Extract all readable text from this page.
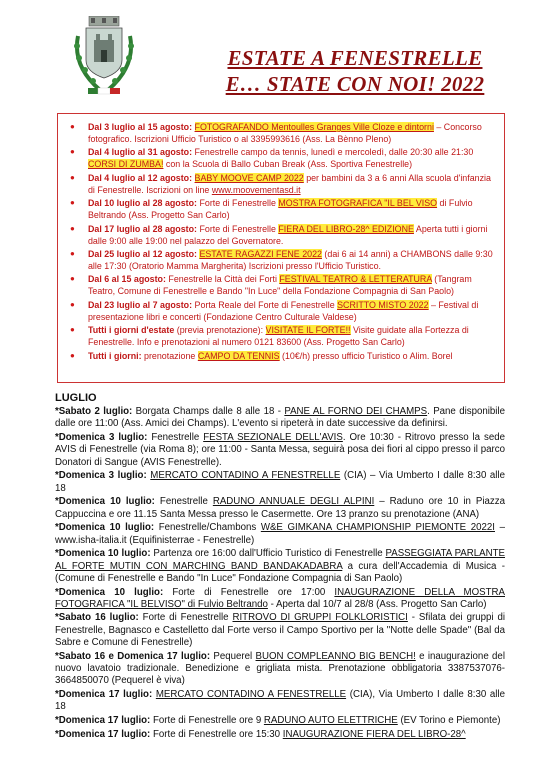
ESTATE A FENESTRELLE
E… STATE CON NOI! 2022
● Dal 3 luglio al 15 agosto: FOTOGRAFANDO Mentoulles Granges Ville Cloze e dintorni – Concorso fotografico. Iscrizioni Ufficio Turistico o al 3395993616 (Ass. La Bènno Pleno)
● Dal 4 luglio al 31 agosto: Fenestrelle campo da tennis, lunedì e mercoledì, dalle 20:30 alle 21:30 CORSI DI ZUMBA! con la Scuola di Ballo Cuban Break (Ass. Sportiva Fenestrelle)
● Dal 4 luglio al 12 agosto: BABY MOOVE CAMP 2022 per bambini da 3 a 6 anni Alla scuola d'infanzia di Fenestrelle. Iscrizioni on line www.moovementasd.it
● Dal 10 luglio al 28 agosto: Forte di Fenestrelle MOSTRA FOTOGRAFICA "IL BEL VISO di Fulvio Beltrando (Ass. Progetto San Carlo)
● Dal 17 luglio al 28 agosto: Forte di Fenestrelle FIERA DEL LIBRO-28^ EDIZIONE Aperta tutti i giorni dalle 9:00 alle 19:00 nel palazzo del Governatore.
● Dal 25 luglio al 12 agosto: ESTATE RAGAZZI FENE 2022 (dai 6 ai 14 anni) a CHAMBONS dalle 9:30 alle 17:30 (Oratorio Mamma Margherita) Iscrizioni presso l'Ufficio Turistico.
● Dal 6 al 15 agosto: Fenestrelle la Città dei Forti FESTIVAL TEATRO & LETTERATURA (Tangram Teatro, Comune di Fenestrelle e Bando "In Luce" della Fondazione Compagnia di San Paolo)
● Dal 23 luglio al 7 agosto: Porta Reale del Forte di Fenestrelle SCRITTO MISTO 2022 – Festival di presentazione libri e concerti (Fondazione Centro Culturale Valdese)
● Tutti i giorni d'estate (previa prenotazione): VISITATE IL FORTE!! Visite guidate alla Fortezza di Fenestrelle. Info e prenotazioni al numero 0121 83600 (Ass. Progetto San Carlo)
● Tutti i giorni: prenotazione CAMPO DA TENNIS (10€/h) presso ufficio Turistico o Alim. Borel
LUGLIO

*Sabato 2 luglio: Borgata Champs dalle 8 alle 18 - PANE AL FORNO DEI CHAMPS. Pane disponibile dalle ore 11:00 (Ass. Amici dei Champs). L'evento si ripeterà in date successive da definirsi.

*Domenica 3 luglio: Fenestrelle FESTA SEZIONALE DELL'AVIS. Ore 10:30 - Ritrovo presso la sede AVIS di Fenestrelle (via Roma 8); ore 11:00 - Santa Messa, seguirà posa dei fiori al cippo presso il parco Donatori di Sangue (AVIS Fenestrelle).

*Domenica 3 luglio: MERCATO CONTADINO A FENESTRELLE (CIA) – Via Umberto I dalle 8:30 alle 18

*Domenica 10 luglio: Fenestrelle RADUNO ANNUALE DEGLI ALPINI – Raduno ore 10 in Piazza Cappuccina e ore 11.15 Santa Messa presso le Casermette. Ore 13 pranzo su prenotazione (ANA)

*Domenica 10 luglio: Fenestrelle/Chambons W&E GIMKANA CHAMPIONSHIP PIEMONTE 2022I – www.isha-italia.it (Equifinisterrae - Fenestrelle)

*Domenica 10 luglio: Partenza ore 16:00 dall'Ufficio Turistico di Fenestrelle PASSEGGIATA PARLANTE AL FORTE MUTIN CON MARCHING BAND BANDAKADABRA a cura dell'Accademia di Musica - (Comune di Fenestrelle e Bando "In Luce" Fondazione Compagnia di San Paolo)

*Domenica 10 luglio: Forte di Fenestrelle ore 17:00 INAUGURAZIONE DELLA MOSTRA FOTOGRAFICA "IL BELVISO" di Fulvio Beltrando - Aperta dal 10/7 al 28/8 (Ass. Progetto San Carlo)

*Sabato 16 luglio: Forte di Fenestrelle RITROVO DI GRUPPI FOLKLORISTICI - Sfilata dei gruppi di Fenestrelle, Bagnasco e Castelletto dal Forte verso il Campo Sportivo per la "Notte delle Spade" (Bal da Sabre e Comune di Fenestrelle)

*Sabato 16 e Domenica 17 luglio: Pequerel BUON COMPLEANNO BIG BENCH! e inaugurazione del nuovo lavatoio tradizionale. Benedizione e grigliata mista. Prenotazione obbligatoria 3387537076-3664850070 (Pequerel è viva)

*Domenica 17 luglio: MERCATO CONTADINO A FENESTRELLE (CIA), Via Umberto I dalle 8:30 alle 18

*Domenica 17 luglio: Forte di Fenestrelle ore 9 RADUNO AUTO ELETTRICHE (EV Torino e Piemonte)

*Domenica 17 luglio: Forte di Fenestrelle ore 15:30 INAUGURAZIONE FIERA DEL LIBRO-28^
